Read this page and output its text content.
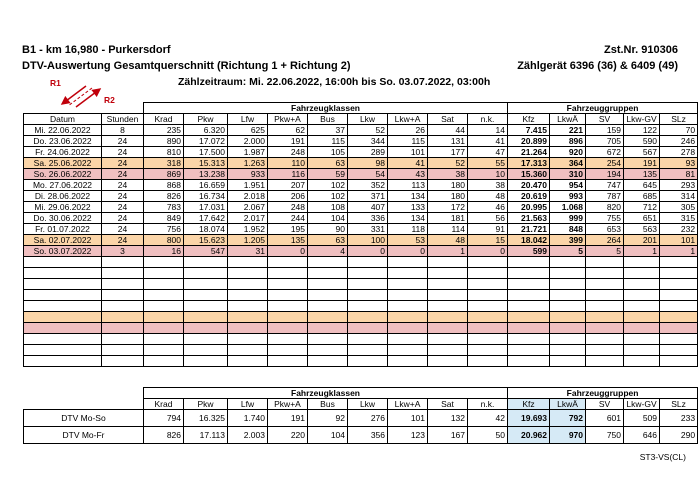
B1 - km 16,980 - Purkersdorf	Zst.Nr. 910306
DTV-Auswertung Gesamtquerschnitt (Richtung 1 + Richtung 2)	Zählgerät 6396 (36) & 6409 (49)
Zählzeitraum: Mi. 22.06.2022, 16:00h bis So. 03.07.2022, 03:00h
R1
R2
		Fahrzeugklassen									Fahrzeuggruppen				
Datum	Stunden	Krad	Pkw	Lfw	Pkw+A	Bus	Lkw	Lkw+A	Sat	n.k.	Kfz	LkwÄ	SV	Lkw-GV	SLz
Mi. 22.06.2022	8	235	6.320	625	62	37	52	26	44	14	7.415	221	159	122	70
Do. 23.06.2022	24	890	17.072	2.000	191	115	344	115	131	41	20.899	896	705	590	246
Fr. 24.06.2022	24	810	17.500	1.987	248	105	289	101	177	47	21.264	920	672	567	278
Sa. 25.06.2022	24	318	15.313	1.263	110	63	98	41	52	55	17.313	364	254	191	93
So. 26.06.2022	24	869	13.238	933	116	59	54	43	38	10	15.360	310	194	135	81
Mo. 27.06.2022	24	868	16.659	1.951	207	102	352	113	180	38	20.470	954	747	645	293
Di. 28.06.2022	24	826	16.734	2.018	206	102	371	134	180	48	20.619	993	787	685	314
Mi. 29.06.2022	24	783	17.031	2.067	248	108	407	133	172	46	20.995	1.068	820	712	305
Do. 30.06.2022	24	849	17.642	2.017	244	104	336	134	181	56	21.563	999	755	651	315
Fr. 01.07.2022	24	756	18.074	1.952	195	90	331	118	114	91	21.721	848	653	563	232
Sa. 02.07.2022	24	800	15.623	1.205	135	63	100	53	48	15	18.042	399	264	201	101
So. 03.07.2022	3	16	547	31	0	4	0	0	1	0	599	5	5	1	1

	Fahrzeugklassen									Fahrzeuggruppen				
	Krad	Pkw	Lfw	Pkw+A	Bus	Lkw	Lkw+A	Sat	n.k.	Kfz	LkwÄ	SV	Lkw-GV	SLz
DTV Mo-So	794	16.325	1.740	191	92	276	101	132	42	19.693	792	601	509	233
DTV Mo-Fr	826	17.113	2.003	220	104	356	123	167	50	20.962	970	750	646	290
ST3-VS(CL)
